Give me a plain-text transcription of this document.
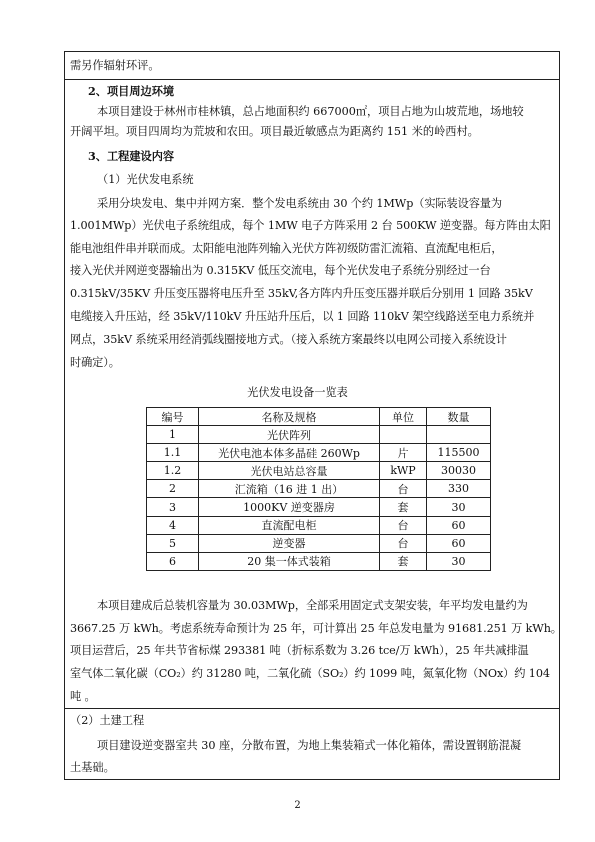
需另作辐射环评。
2、项目周边环境
本项目建设于林州市桂林镇，总占地面积约 667000㎡，项目占地为山坡荒地，场地较
开阔平坦。项目四周均为荒坡和农田。项目最近敏感点为距离约 151 米的岭西村。
3、工程建设内容
（1）光伏发电系统
采用分块发电、集中并网方案．整个发电系统由 30 个约 1MWp（实际装设容量为
1.001MWp）光伏电子系统组成，每个 1MW 电子方阵采用 2 台 500KW 逆变器。每方阵由太阳
能电池组件串并联而成。太阳能电池阵列输入光伏方阵初级防雷汇流箱、直流配电柜后，
接入光伏并网逆变器输出为 0.315KV 低压交流电，每个光伏发电子系统分别经过一台
0.315kV/35KV 升压变压器将电压升至 35kV,各方阵内升压变压器并联后分别用 1 回路 35kV
电缆接入升压站，经 35kV/110kV 升压站升压后，以 1 回路 110kV 架空线路送至电力系统并
网点，35kV 系统采用经消弧线圈接地方式。（接入系统方案最终以电网公司接入系统设计
时确定）。
光伏发电设备一览表
编号	名称及规格	单位	数量
1	光伏阵列		
1.1	光伏电池本体多晶硅 260Wp	片	115500
1.2	光伏电站总容量	kWP	30030
2	汇流箱（16 进 1 出）	台	330
3	1000KV 逆变器房	套	30
4	直流配电柜	台	60
5	逆变器	台	60
6	20 集一体式装箱	套	30
本项目建成后总装机容量为 30.03MWp，全部采用固定式支架安装，年平均发电量约为
3667.25 万 kWh。考虑系统寿命预计为 25 年，可计算出 25 年总发电量为 91681.251 万 kWh。
项目运营后，25 年共节省标煤 293381 吨（折标系数为 3.26 tce/万 kWh），25 年共减排温
室气体二氧化碳（CO₂）约 31280 吨，二氧化硫（SO₂）约 1099 吨，氮氧化物（NOx）约 104
吨 。
（2）土建工程
项目建设逆变器室共 30 座，分散布置，为地上集装箱式一体化箱体，需设置钢筋混凝
土基础。
2
